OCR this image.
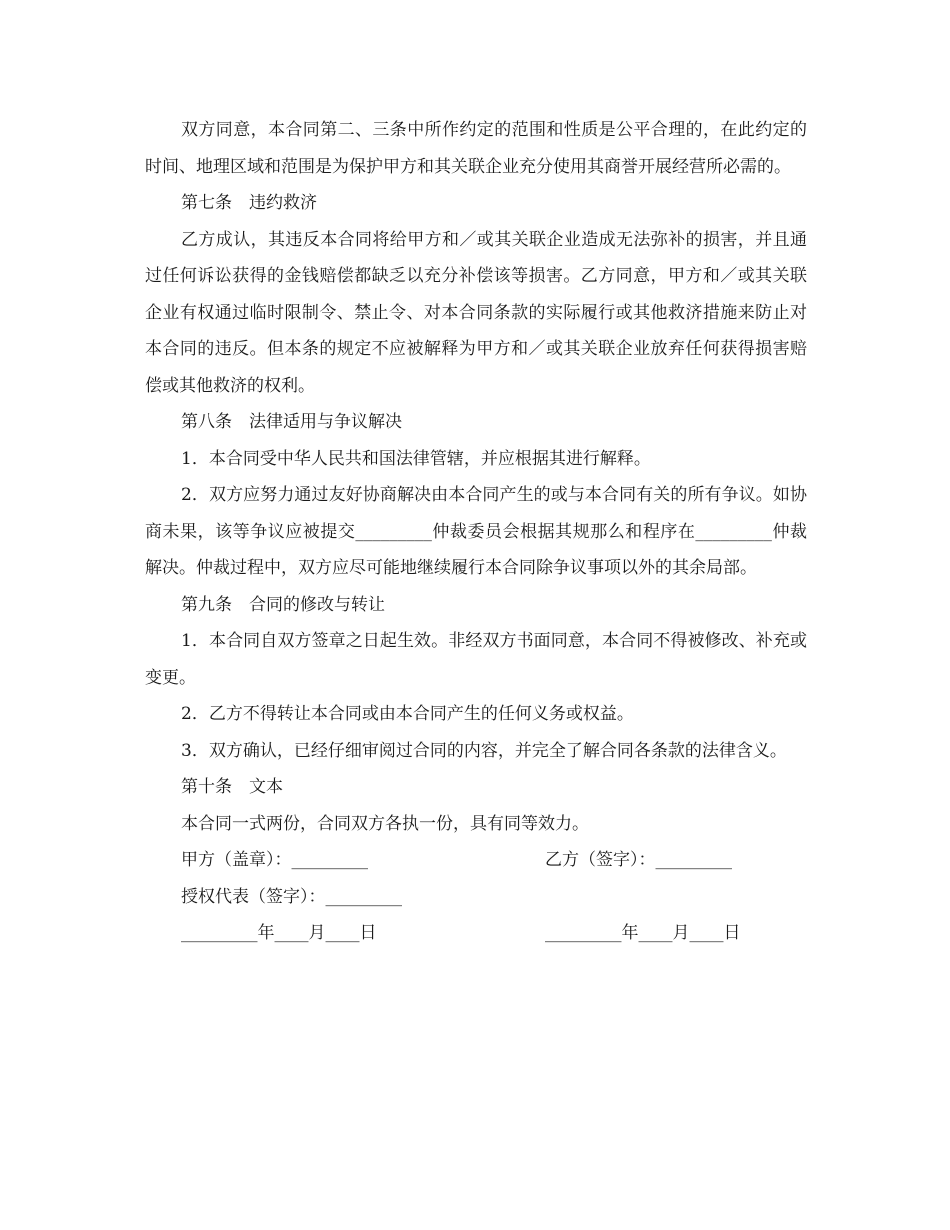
双方同意，本合同第二、三条中所作约定的范围和性质是公平合理的，在此约定的时间、地理区域和范围是为保护甲方和其关联企业充分使用其商誉开展经营所必需的。

第七条　违约救济

乙方成认，其违反本合同将给甲方和／或其关联企业造成无法弥补的损害，并且通过任何诉讼获得的金钱赔偿都缺乏以充分补偿该等损害。乙方同意，甲方和／或其关联企业有权通过临时限制令、禁止令、对本合同条款的实际履行或其他救济措施来防止对本合同的违反。但本条的规定不应被解释为甲方和／或其关联企业放弃任何获得损害赔偿或其他救济的权利。

第八条　法律适用与争议解决

1．本合同受中华人民共和国法律管辖，并应根据其进行解释。

2．双方应努力通过友好协商解决由本合同产生的或与本合同有关的所有争议。如协商未果，该等争议应被提交_________仲裁委员会根据其规那么和程序在_________仲裁解决。仲裁过程中，双方应尽可能地继续履行本合同除争议事项以外的其余局部。

第九条　合同的修改与转让

1．本合同自双方签章之日起生效。非经双方书面同意，本合同不得被修改、补充或变更。

2．乙方不得转让本合同或由本合同产生的任何义务或权益。

3．双方确认，已经仔细审阅过合同的内容，并完全了解合同各条款的法律含义。

第十条　文本

本合同一式两份，合同双方各执一份，具有同等效力。

甲方（盖章）：_________	乙方（签字）：_________
授权代表（签字）：_________
_________年____月____日	_________年____月____日
